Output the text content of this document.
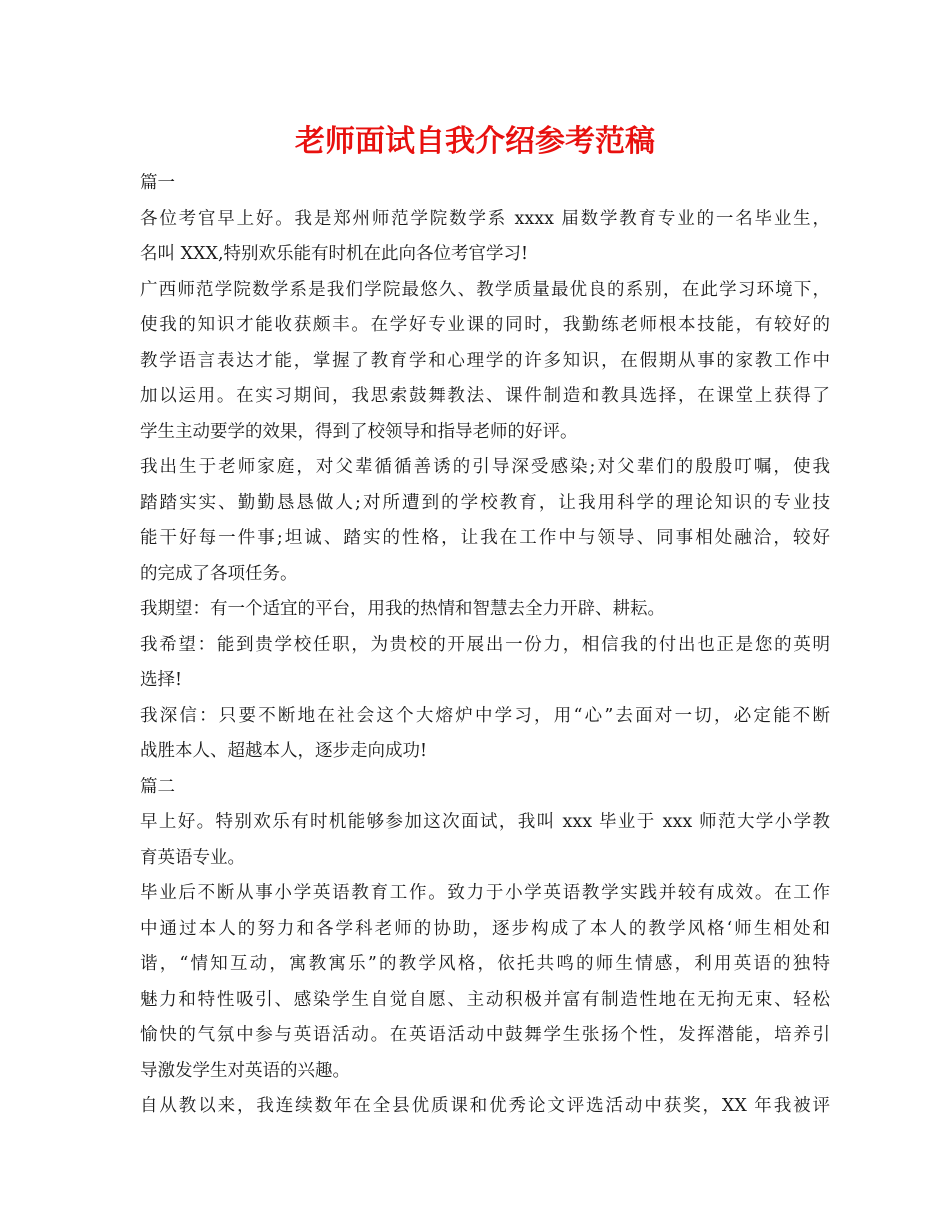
老师面试自我介绍参考范稿
篇一
各位考官早上好。我是郑州师范学院数学系 xxxx 届数学教育专业的一名毕业生，
名叫 XXX,特别欢乐能有时机在此向各位考官学习!
广西师范学院数学系是我们学院最悠久、教学质量最优良的系别，在此学习环境下，
使我的知识才能收获颇丰。在学好专业课的同时，我勤练老师根本技能，有较好的
教学语言表达才能，掌握了教育学和心理学的许多知识，在假期从事的家教工作中
加以运用。在实习期间，我思索鼓舞教法、课件制造和教具选择，在课堂上获得了
学生主动要学的效果，得到了校领导和指导老师的好评。
我出生于老师家庭，对父辈循循善诱的引导深受感染;对父辈们的殷殷叮嘱，使我
踏踏实实、勤勤恳恳做人;对所遭到的学校教育，让我用科学的理论知识的专业技
能干好每一件事;坦诚、踏实的性格，让我在工作中与领导、同事相处融洽，较好
的完成了各项任务。
我期望：有一个适宜的平台，用我的热情和智慧去全力开辟、耕耘。
我希望：能到贵学校任职，为贵校的开展出一份力，相信我的付出也正是您的英明
选择!
我深信：只要不断地在社会这个大熔炉中学习，用“心”去面对一切，必定能不断
战胜本人、超越本人，逐步走向成功!
篇二
早上好。特别欢乐有时机能够参加这次面试，我叫 xxx 毕业于 xxx 师范大学小学教
育英语专业。
毕业后不断从事小学英语教育工作。致力于小学英语教学实践并较有成效。在工作
中通过本人的努力和各学科老师的协助，逐步构成了本人的教学风格‘师生相处和
谐，“情知互动，寓教寓乐”的教学风格，依托共鸣的师生情感，利用英语的独特
魅力和特性吸引、感染学生自觉自愿、主动积极并富有制造性地在无拘无束、轻松
愉快的气氛中参与英语活动。在英语活动中鼓舞学生张扬个性，发挥潜能，培养引
导激发学生对英语的兴趣。
自从教以来，我连续数年在全县优质课和优秀论文评选活动中获奖，XX 年我被评
